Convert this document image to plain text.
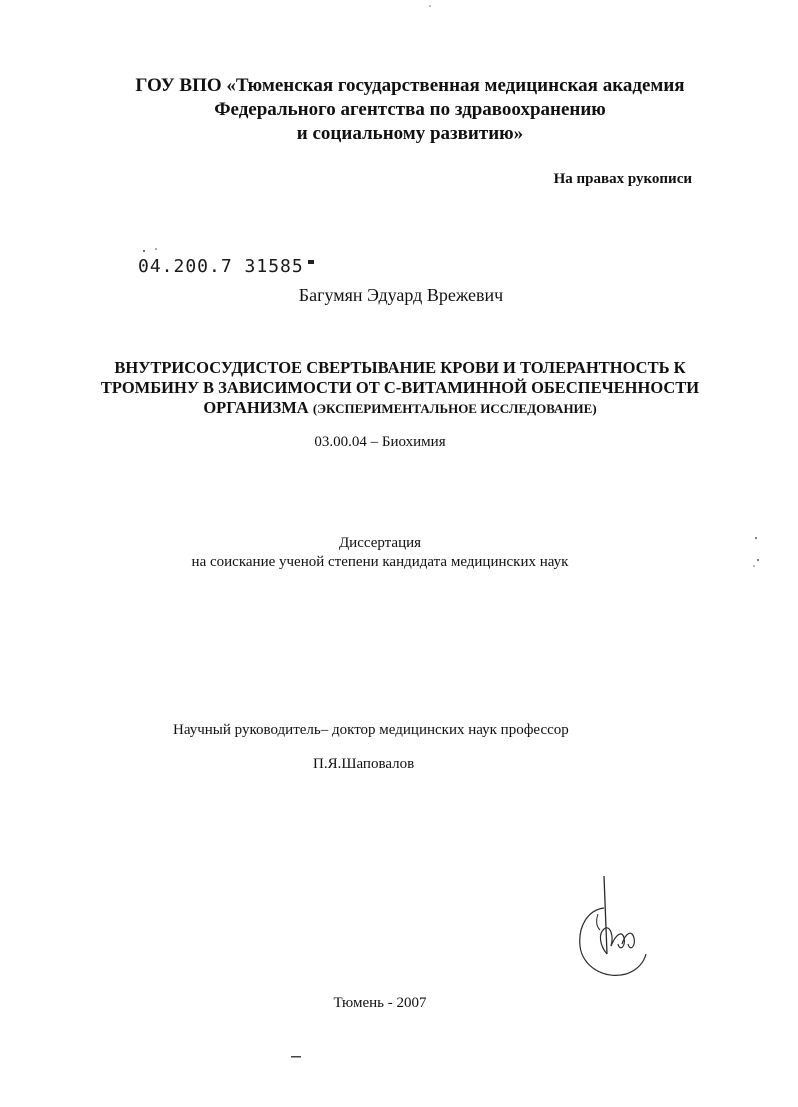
ГОУ ВПО «Тюменская государственная медицинская академия
Федерального агентства по здравоохранению
и социальному развитию»
На правах рукописи
04.200.7 31585
Багумян Эдуард Врежевич
ВНУТРИСОСУДИСТОЕ СВЕРТЫВАНИЕ КРОВИ И ТОЛЕРАНТНОСТЬ К
ТРОМБИНУ В ЗАВИСИМОСТИ ОТ С-ВИТАМИННОЙ ОБЕСПЕЧЕННОСТИ
ОРГАНИЗМА (ЭКСПЕРИМЕНТАЛЬНОЕ ИССЛЕДОВАНИЕ)
03.00.04 – Биохимия
Диссертация
на соискание ученой степени кандидата медицинских наук
Научный руководитель– доктор медицинских наук профессор
П.Я.Шаповалов
Тюмень - 2007
